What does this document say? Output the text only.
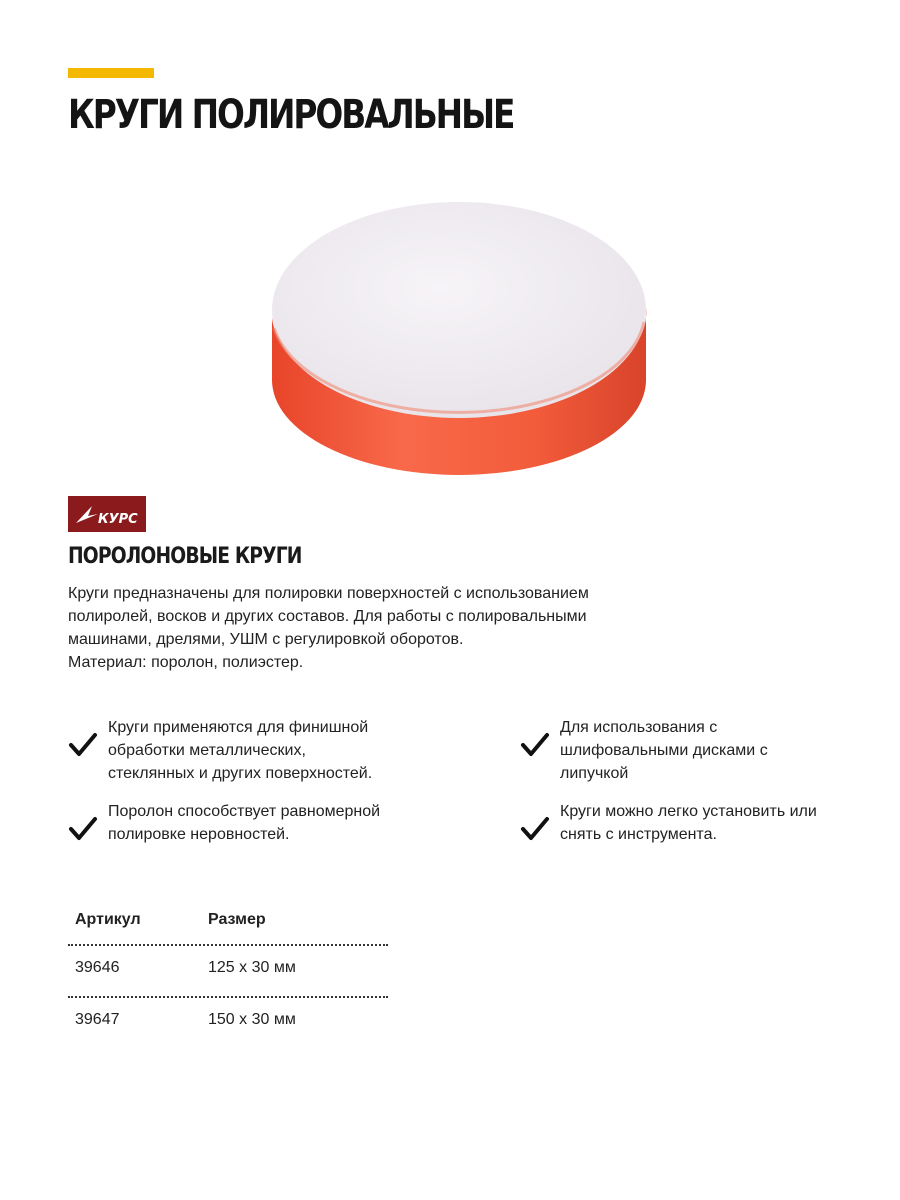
КРУГИ ПОЛИРОВАЛЬНЫЕ
КУРС
ПОРОЛОНОВЫЕ КРУГИ

Круги предназначены для полировки поверхностей с использованием

полиролей, восков и других составов. Для работы с полировальными

машинами, дрелями, УШМ с регулировкой оборотов.

Материал: поролон, полиэстер.

Круги применяются для финишной обработки металлических, стеклянных и других поверхностей.
Поролон способствует равномерной полировке неровностей.
Для использования с шлифовальными дисками с липучкой
Круги можно легко установить или снять с инструмента.
Артикул	Размер
39646	125 х 30 мм
39647	150 х 30 мм
